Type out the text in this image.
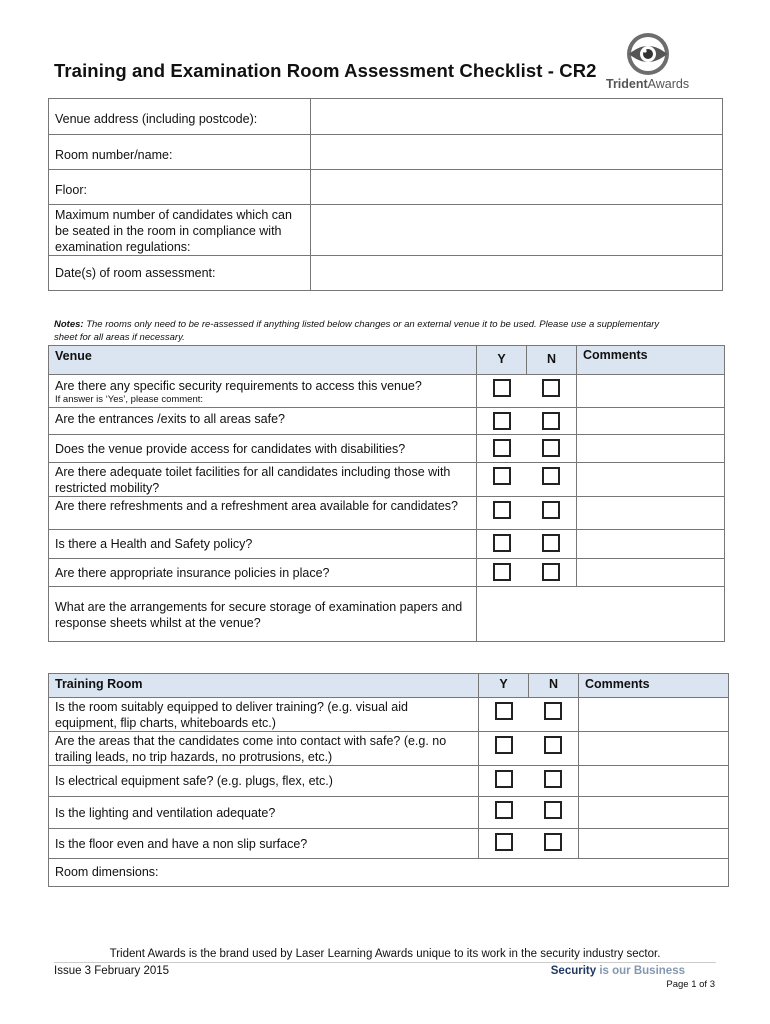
Training and Examination Room Assessment Checklist - CR2
TridentAwards
Venue address (including postcode):	
Room number/name:	
Floor:	
Maximum number of candidates which can be seated in the room in compliance with examination regulations:	
Date(s) of room assessment:	
Notes: The rooms only need to be re-assessed if anything listed below changes or an external venue it to be used. Please use a supplementary sheet for all areas if necessary.
Venue	Y	N	Comments

Are there any specific security requirements to access this venue?
If answer is ‘Yes’, please comment:			

Are the entrances /exits to all areas safe?	

Does the venue provide access for candidates with disabilities?	

Are there adequate toilet facilities for all candidates including those with restricted mobility?	

Are there refreshments and a refreshment area available for candidates?	

Is there a Health and Safety policy?	

Are there appropriate insurance policies in place?	

What are the arrangements for secure storage of examination papers and response sheets whilst at the venue?			
Training Room	Y	N	Comments
Is the room suitably equipped to deliver training? (e.g. visual aid equipment, flip charts, whiteboards etc.)	

Are the areas that the candidates come into contact with safe? (e.g. no trailing leads, no trip hazards, no protrusions, etc.)	

Is electrical equipment safe? (e.g. plugs, flex, etc.)	

Is the lighting and ventilation adequate?	

Is the floor even and have a non slip surface?	

Room dimensions:			
Trident Awards is the brand used by Laser Learning Awards unique to its work in the security industry sector.
Issue 3 February 2015	Security is our Business
Page 1 of 3
